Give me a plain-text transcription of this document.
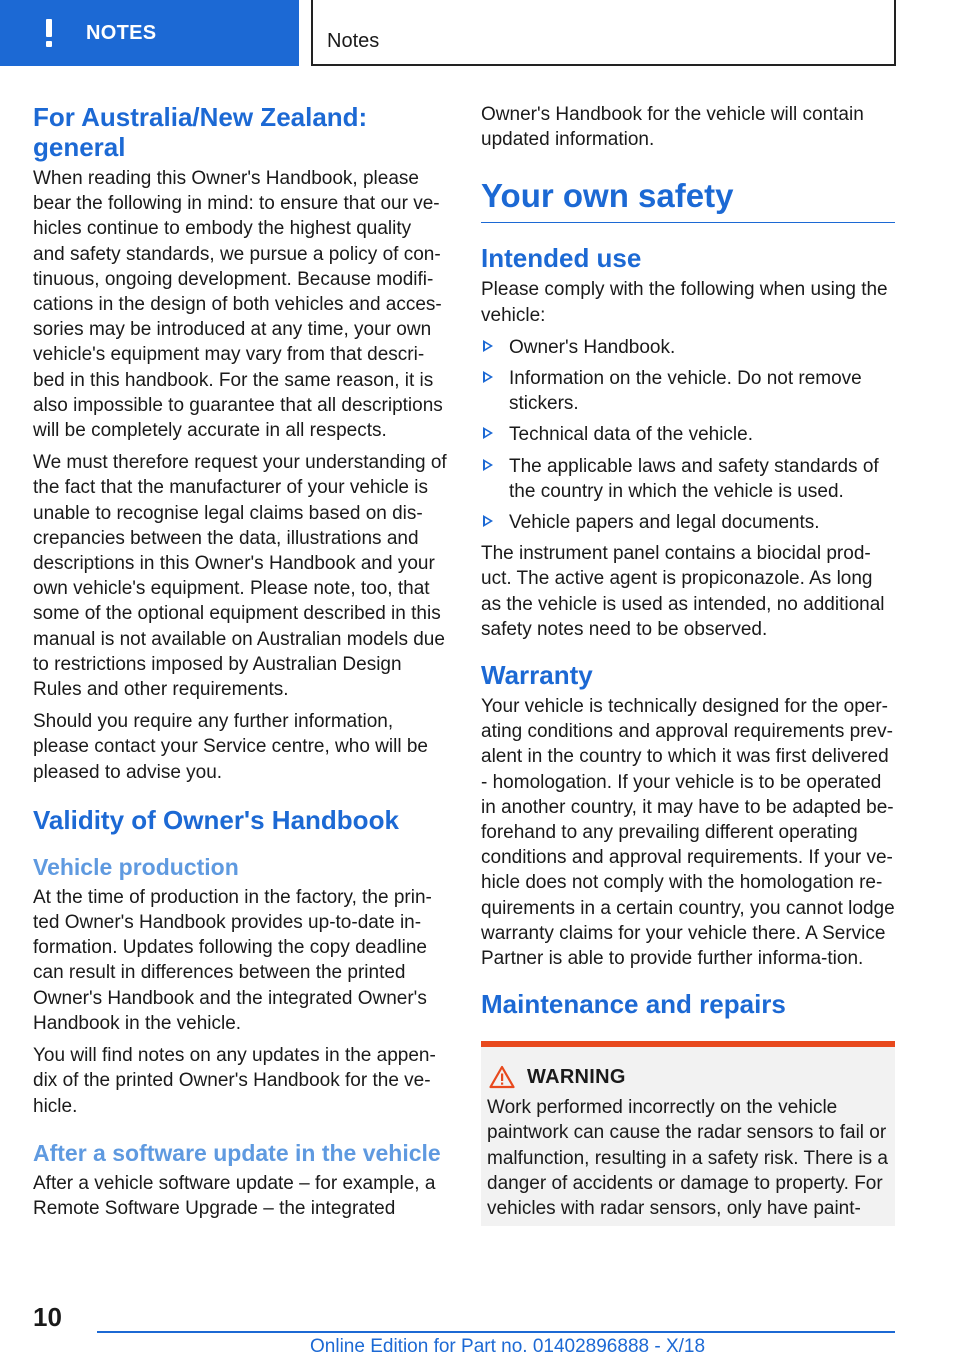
NOTES	Notes
For Australia/New Zealand: general

When reading this Owner's Handbook, please bear the following in mind: to ensure that our ve-hicles continue to embody the highest quality and safety standards, we pursue a policy of con-tinuous, ongoing development. Because modifi-cations in the design of both vehicles and acces-sories may be introduced at any time, your own vehicle's equipment may vary from that descri-bed in this handbook. For the same reason, it is also impossible to guarantee that all descriptions will be completely accurate in all respects.

We must therefore request your understanding of the fact that the manufacturer of your vehicle is unable to recognise legal claims based on dis-crepancies between the data, illustrations and descriptions in this Owner's Handbook and your own vehicle's equipment. Please note, too, that some of the optional equipment described in this manual is not available on Australian models due to restrictions imposed by Australian Design Rules and other requirements.

Should you require any further information, please contact your Service centre, who will be pleased to advise you.

Validity of Owner's Handbook
Vehicle production

At the time of production in the factory, the prin-ted Owner's Handbook provides up-to-date in-formation. Updates following the copy deadline can result in differences between the printed Owner's Handbook and the integrated Owner's Handbook in the vehicle.

You will find notes on any updates in the appen-dix of the printed Owner's Handbook for the ve-hicle.

After a software update in the vehicle

After a vehicle software update – for example, a Remote Software Upgrade – the integrated

Owner's Handbook for the vehicle will contain updated information.

Your own safety
Intended use

Please comply with the following when using the vehicle:

Owner's Handbook.
Information on the vehicle. Do not remove stickers.
Technical data of the vehicle.
The applicable laws and safety standards of the country in which the vehicle is used.
Vehicle papers and legal documents.

The instrument panel contains a biocidal prod-uct. The active agent is propiconazole. As long as the vehicle is used as intended, no additional safety notes need to be observed.

Warranty

Your vehicle is technically designed for the oper-ating conditions and approval requirements prev-alent in the country to which it was first delivered - homologation. If your vehicle is to be operated in another country, it may have to be adapted be-forehand to any prevailing different operating conditions and approval requirements. If your ve-hicle does not comply with the homologation re-quirements in a certain country, you cannot lodge warranty claims for your vehicle there. A Service Partner is able to provide further informa-tion.

Maintenance and repairs
WARNING

Work performed incorrectly on the vehicle paintwork can cause the radar sensors to fail or malfunction, resulting in a safety risk. There is a danger of accidents or damage to property. For vehicles with radar sensors, only have paint-

10
Online Edition for Part no. 01402896888 - X/18
